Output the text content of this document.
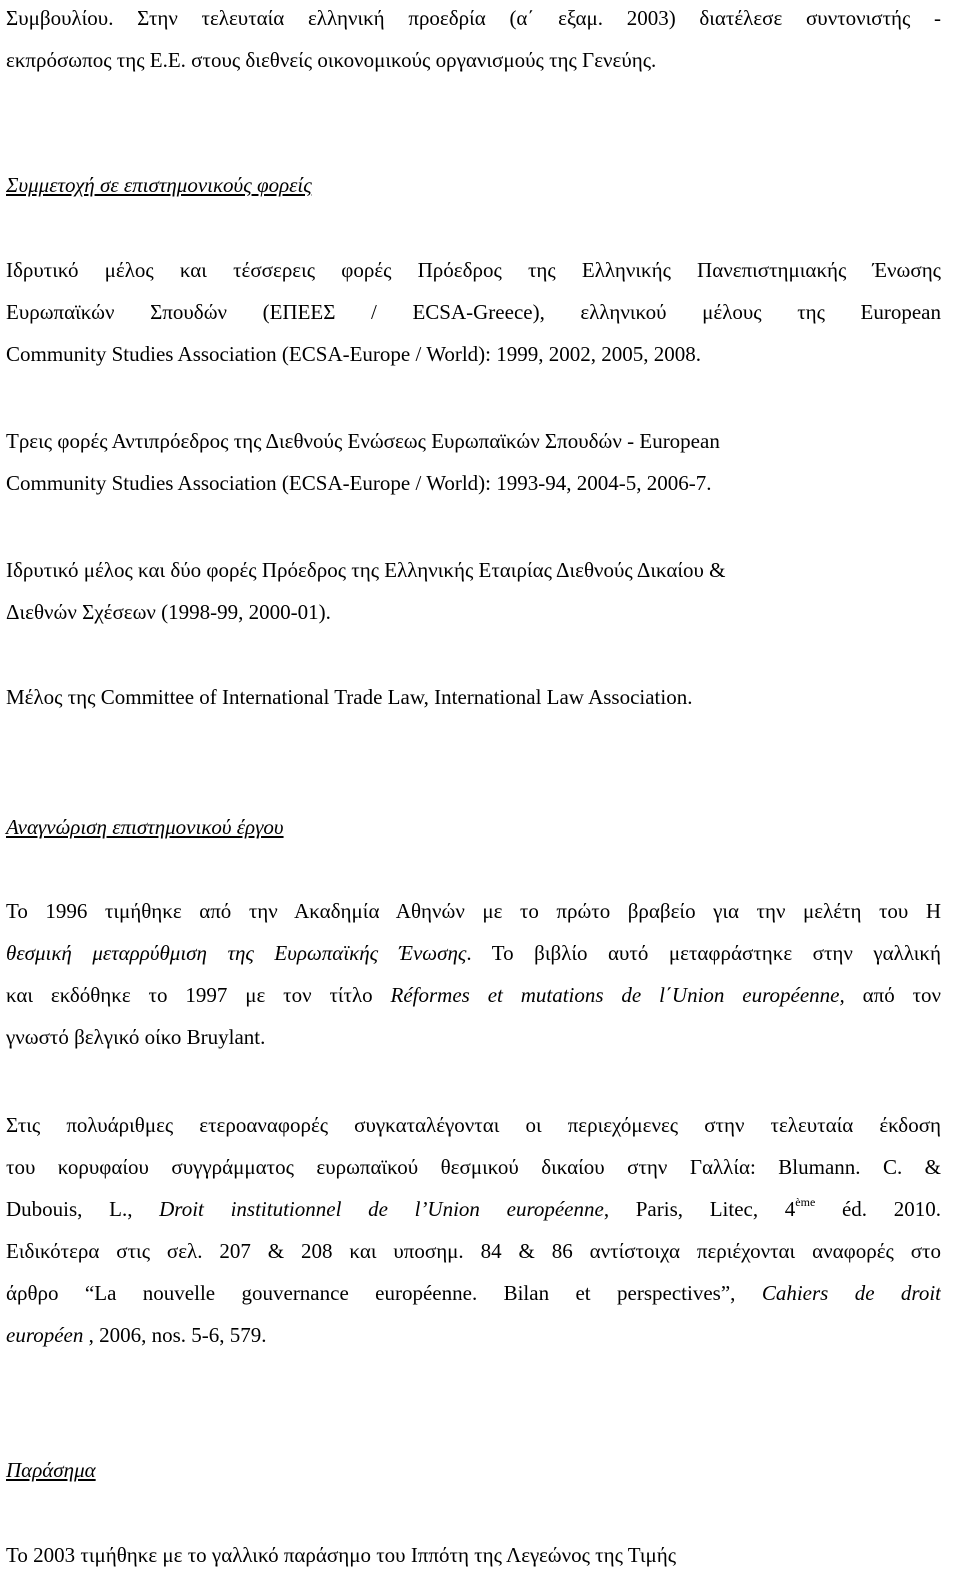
Συμβουλίου. Στην τελευταία ελληνική προεδρία (α΄ εξαμ. 2003) διατέλεσε συντονιστής -
εκπρόσωπος της Ε.Ε. στους διεθνείς οικονομικούς οργανισμούς της Γενεύης.

Συμμετοχή σε επιστημονικούς φορείς

Ιδρυτικό μέλος και τέσσερεις φορές Πρόεδρος της Ελληνικής Πανεπιστημιακής Ένωσης
Ευρωπαϊκών Σπουδών (ΕΠΕΕΣ / ECSA-Greece), ελληνικού μέλους της European
Community Studies Association (ECSA-Europe / World): 1999, 2002, 2005, 2008.

Τρεις φορές Αντιπρόεδρος της Διεθνούς Ενώσεως Ευρωπαϊκών Σπουδών - European
Community Studies Association (ECSA-Europe / World): 1993-94, 2004-5, 2006-7.

Ιδρυτικό μέλος και δύο φορές Πρόεδρος της Ελληνικής Εταιρίας Διεθνούς Δικαίου &
Διεθνών Σχέσεων (1998-99, 2000-01).

Μέλος της Committee of International Trade Law, International Law Association.

Αναγνώριση επιστημονικού έργου

Το 1996 τιμήθηκε από την Ακαδημία Αθηνών με το πρώτο βραβείο για την μελέτη του Η
θεσμική μεταρρύθμιση της Ευρωπαϊκής Ένωσης. Το βιβλίο αυτό μεταφράστηκε στην γαλλική
και εκδόθηκε το 1997 με τον τίτλο Réformes et mutations de l΄Union européenne, από τον
γνωστό βελγικό οίκο Bruylant.

Στις πολυάριθμες ετεροαναφορές συγκαταλέγονται οι περιεχόμενες στην τελευταία έκδοση
του κορυφαίου συγγράμματος ευρωπαϊκού θεσμικού δικαίου στην Γαλλία: Blumann. C. &
Dubouis, L., Droit institutionnel de l’Union européenne, Paris, Litec, 4ème éd. 2010.
Ειδικότερα στις σελ. 207 & 208 και υποσημ. 84 & 86 αντίστοιχα περιέχονται αναφορές στο
άρθρο “La nouvelle gouvernance européenne. Bilan et perspectives”, Cahiers de droit
européen , 2006, nos. 5-6, 579.

Παράσημα

Το 2003 τιμήθηκε με το γαλλικό παράσημο του Ιππότη της Λεγεώνος της Τιμής
